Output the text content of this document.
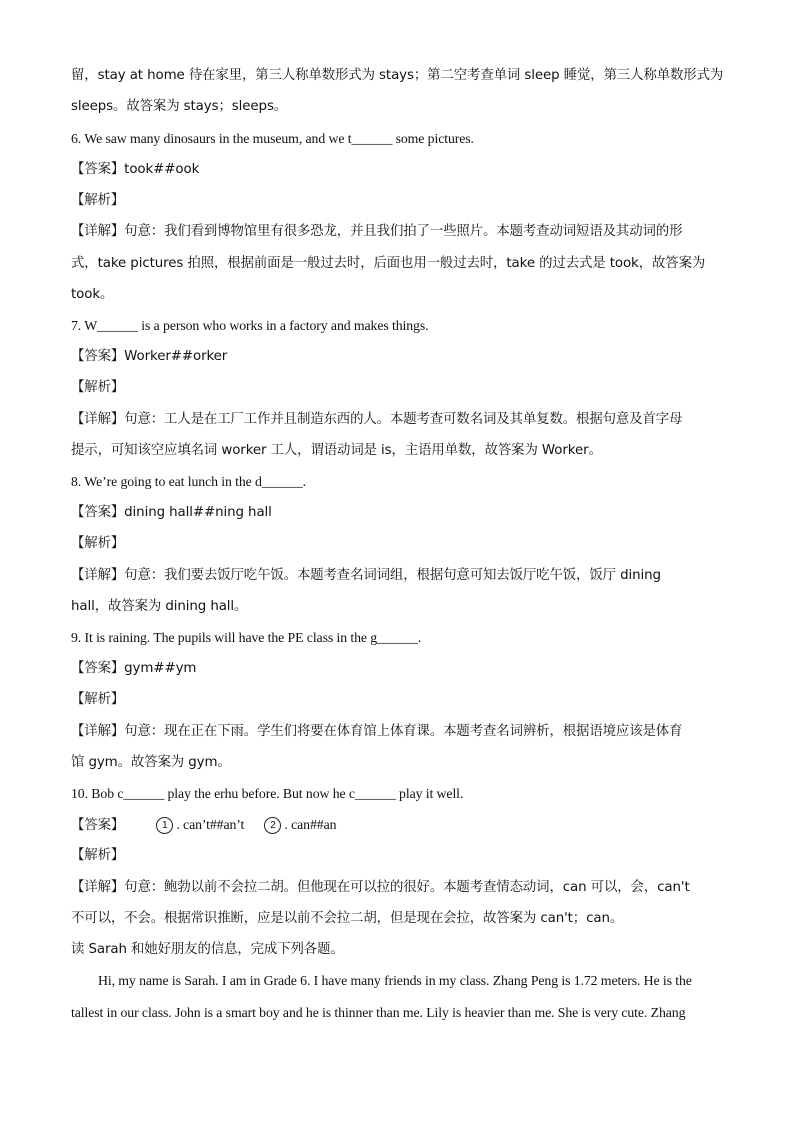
留，stay at home 待在家里，第三人称单数形式为 stays；第二空考查单词 sleep 睡觉，第三人称单数形式为
sleeps。故答案为 stays；sleeps。
6. We saw many dinosaurs in the museum, and we t______ some pictures.
【答案】took##ook
【解析】
【详解】句意：我们看到博物馆里有很多恐龙，并且我们拍了一些照片。本题考查动词短语及其动词的形
式，take pictures 拍照，根据前面是一般过去时，后面也用一般过去时，take 的过去式是 took，故答案为
took。
7. W______ is a person who works in a factory and makes things.
【答案】Worker##orker
【解析】
【详解】句意：工人是在工厂工作并且制造东西的人。本题考查可数名词及其单复数。根据句意及首字母
提示，可知该空应填名词 worker 工人，谓语动词是 is，主语用单数，故答案为 Worker。
8. We’re going to eat lunch in the d______.
【答案】dining hall##ning hall
【解析】
【详解】句意：我们要去饭厅吃午饭。本题考查名词词组，根据句意可知去饭厅吃午饭，饭厅 dining
hall，故答案为 dining hall。
9. It is raining. The pupils will have the PE class in the g______.
【答案】gym##ym
【解析】
【详解】句意：现在正在下雨。学生们将要在体育馆上体育课。本题考查名词辨析，根据语境应该是体育
馆 gym。故答案为 gym。
10. Bob c______ play the erhu before. But now he c______ play it well.
【答案】	1 . can’t##an’t	2 . can##an
【解析】
【详解】句意：鲍勃以前不会拉二胡。但他现在可以拉的很好。本题考查情态动词，can 可以，会，can't
不可以，不会。根据常识推断，应是以前不会拉二胡，但是现在会拉，故答案为 can't；can。
读 Sarah 和她好朋友的信息，完成下列各题。
Hi, my name is Sarah. I am in Grade 6. I have many friends in my class. Zhang Peng is 1.72 meters. He is the
tallest in our class. John is a smart boy and he is thinner than me. Lily is heavier than me. She is very cute. Zhang
